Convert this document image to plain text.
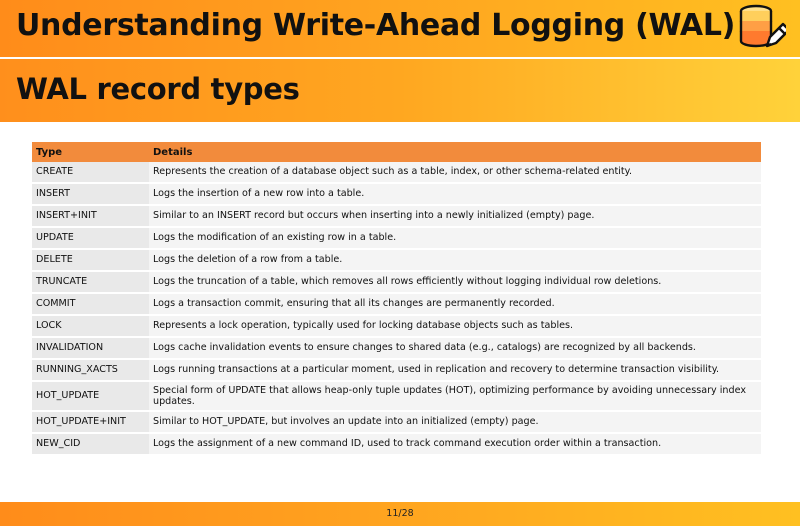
Understanding Write-Ahead Logging (WAL)
WAL record types
Type	Details
CREATE	Represents the creation of a database object such as a table, index, or other schema-related entity.
INSERT	Logs the insertion of a new row into a table.
INSERT+INIT	Similar to an INSERT record but occurs when inserting into a newly initialized (empty) page.
UPDATE	Logs the modification of an existing row in a table.
DELETE	Logs the deletion of a row from a table.
TRUNCATE	Logs the truncation of a table, which removes all rows efficiently without logging individual row deletions.
COMMIT	Logs a transaction commit, ensuring that all its changes are permanently recorded.
LOCK	Represents a lock operation, typically used for locking database objects such as tables.
INVALIDATION	Logs cache invalidation events to ensure changes to shared data (e.g., catalogs) are recognized by all backends.
RUNNING_XACTS	Logs running transactions at a particular moment, used in replication and recovery to determine transaction visibility.
HOT_UPDATE	Special form of UPDATE that allows heap-only tuple updates (HOT), optimizing performance by avoiding unnecessary index updates.
HOT_UPDATE+INIT	Similar to HOT_UPDATE, but involves an update into an initialized (empty) page.
NEW_CID	Logs the assignment of a new command ID, used to track command execution order within a transaction.
11/28
